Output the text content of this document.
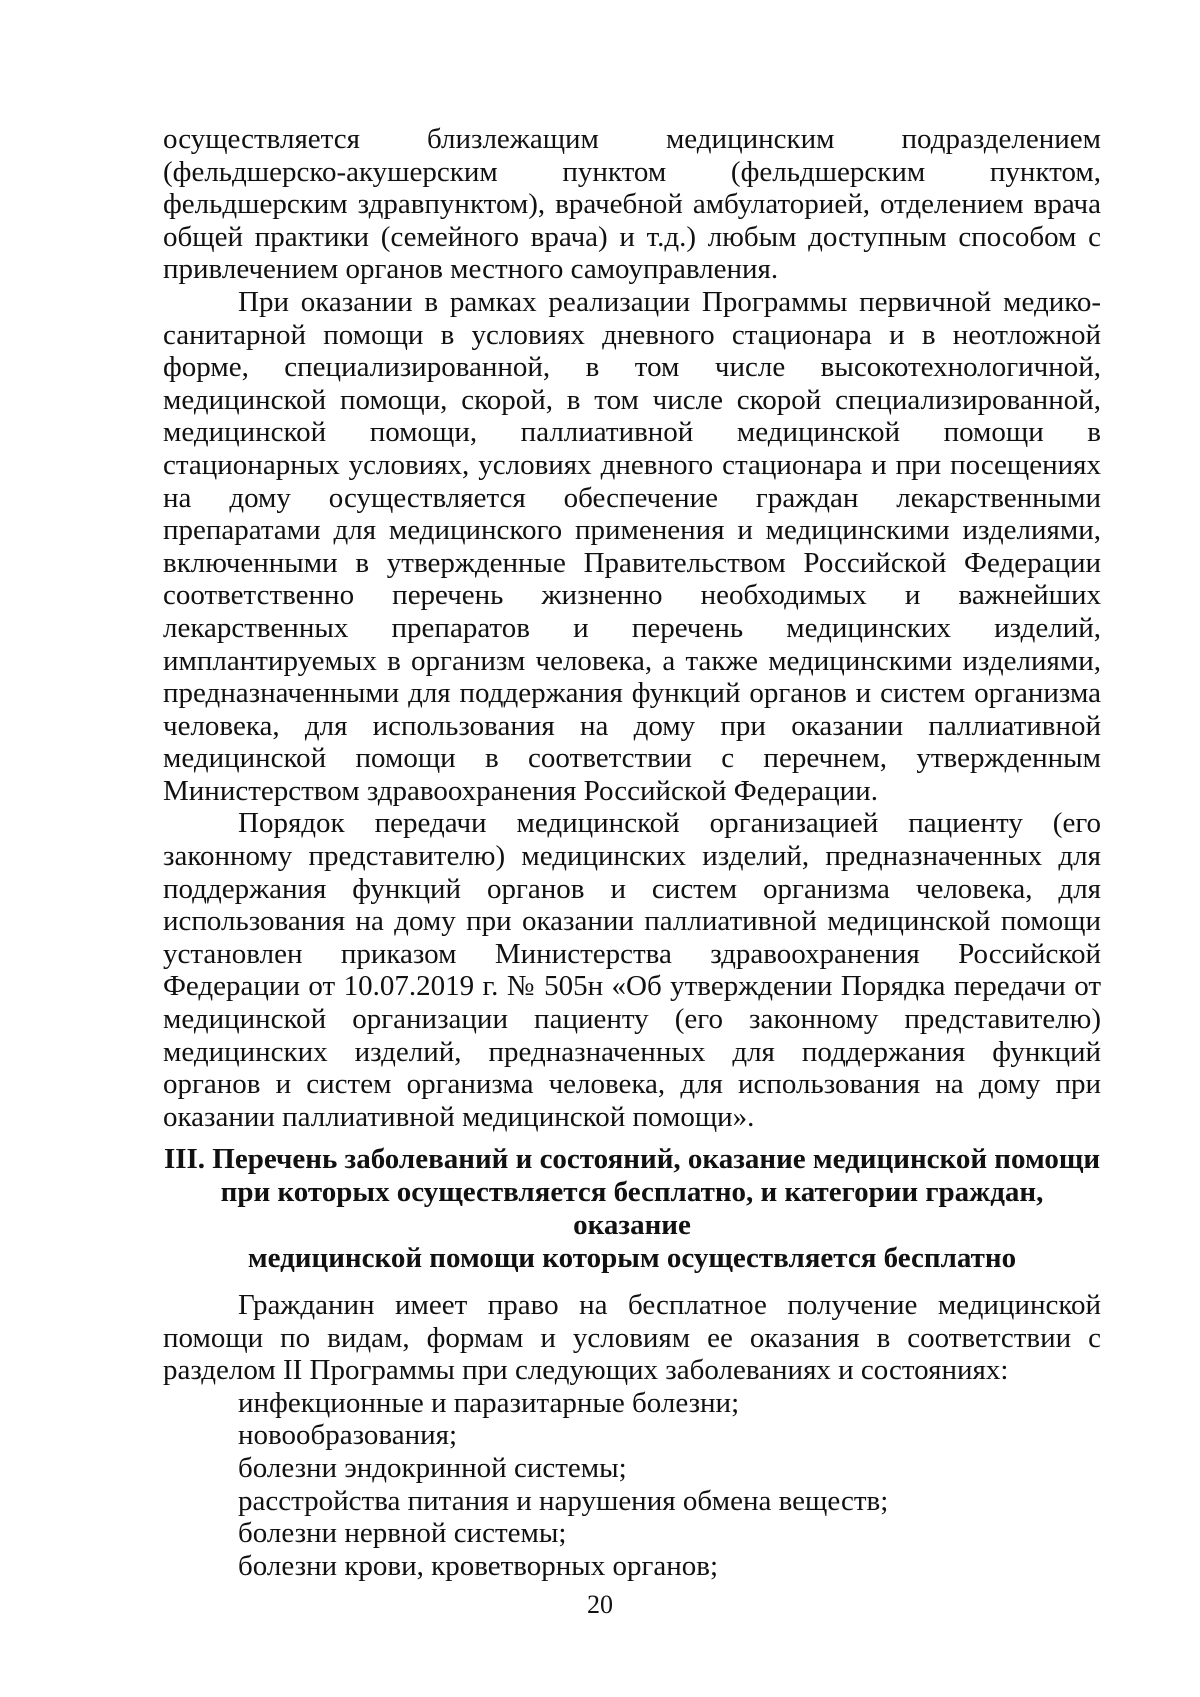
осуществляется близлежащим медицинским подразделением (фельдшерско-акушерским пунктом (фельдшерским пунктом, фельдшерским здравпунктом), врачебной амбулаторией, отделением врача общей практики (семейного врача) и т.д.) любым доступным способом с привлечением органов местного самоуправления.

При оказании в рамках реализации Программы первичной медико-санитарной помощи в условиях дневного стационара и в неотложной форме, специализированной, в том числе высокотехнологичной, медицинской помощи, скорой, в том числе скорой специализированной, медицинской помощи, паллиативной медицинской помощи в стационарных условиях, условиях дневного стационара и при посещениях на дому осуществляется обеспечение граждан лекарственными препаратами для медицинского применения и медицинскими изделиями, включенными в утвержденные Правительством Российской Федерации соответственно перечень жизненно необходимых и важнейших лекарственных препаратов и перечень медицинских изделий, имплантируемых в организм человека, а также медицинскими изделиями, предназначенными для поддержания функций органов и систем организма человека, для использования на дому при оказании паллиативной медицинской помощи в соответствии с перечнем, утвержденным Министерством здравоохранения Российской Федерации.

Порядок передачи медицинской организацией пациенту (его законному представителю) медицинских изделий, предназначенных для поддержания функций органов и систем организма человека, для использования на дому при оказании паллиативной медицинской помощи установлен приказом Министерства здравоохранения Российской Федерации от 10.07.2019 г. № 505н «Об утверждении Порядка передачи от медицинской организации пациенту (его законному представителю) медицинских изделий, предназначенных для поддержания функций органов и систем организма человека, для использования на дому при оказании паллиативной медицинской помощи».

III. Перечень заболеваний и состояний, оказание медицинской помощи
при которых осуществляется бесплатно, и категории граждан, оказание
медицинской помощи которым осуществляется бесплатно

Гражданин имеет право на бесплатное получение медицинской помощи по видам, формам и условиям ее оказания в соответствии с разделом II Программы при следующих заболеваниях и состояниях:

инфекционные и паразитарные болезни;
новообразования;
болезни эндокринной системы;
расстройства питания и нарушения обмена веществ;
болезни нервной системы;
болезни крови, кроветворных органов;
20
